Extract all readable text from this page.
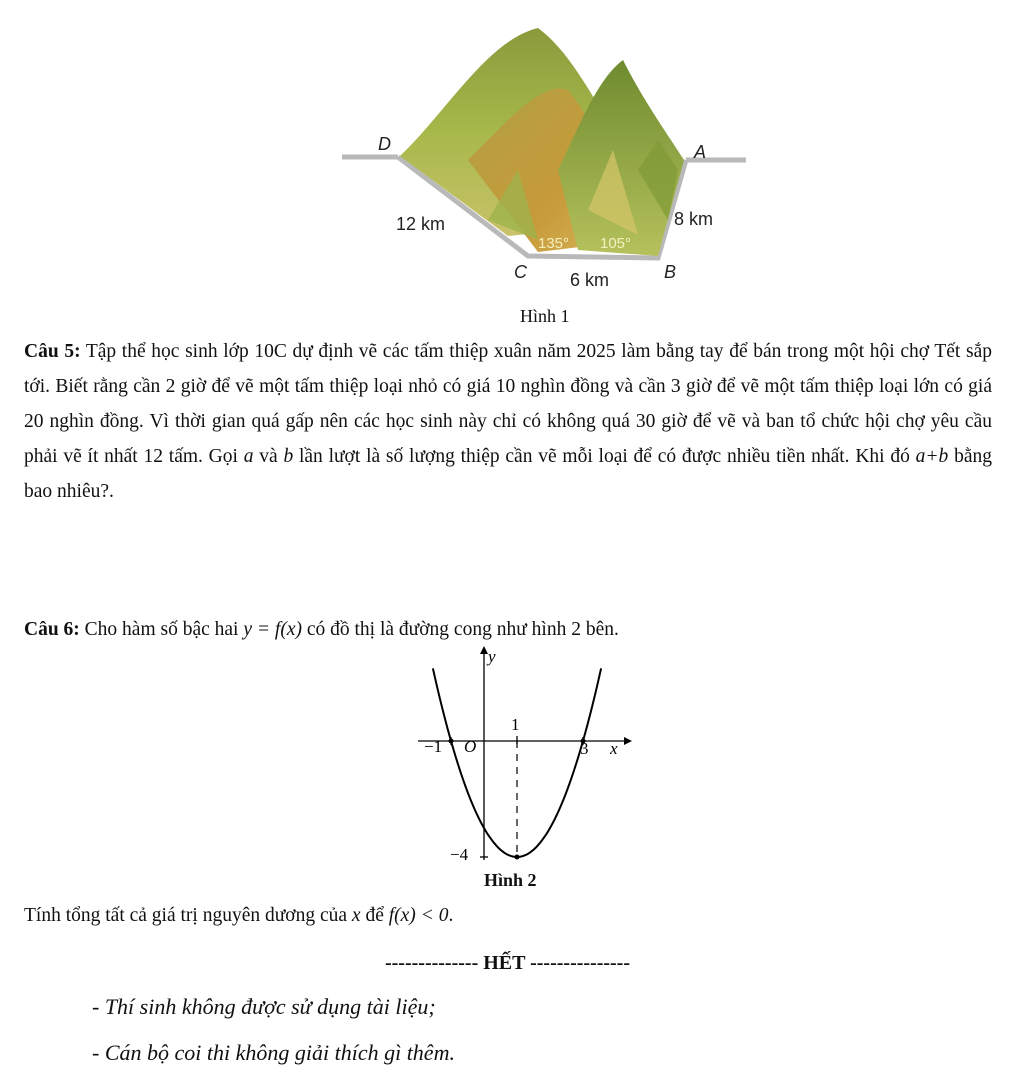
D	A
12 km	8 km
135° 105°
C 6 km	B
Hình 1
Câu 5: Tập thể học sinh lớp 10C dự định vẽ các tấm thiệp xuân năm 2025 làm bằng tay để bán trong một hội chợ Tết sắp tới. Biết rằng cần 2 giờ để vẽ một tấm thiệp loại nhỏ có giá 10 nghìn đồng và cần 3 giờ để vẽ một tấm thiệp loại lớn có giá 20 nghìn đồng. Vì thời gian quá gấp nên các học sinh này chỉ có không quá 30 giờ để vẽ và ban tổ chức hội chợ yêu cầu phải vẽ ít nhất 12 tấm. Gọi a và b lần lượt là số lượng thiệp cần vẽ mỗi loại để có được nhiều tiền nhất. Khi đó a+b bằng bao nhiêu?.
Câu 6: Cho hàm số bậc hai y = f(x) có đồ thị là đường cong như hình 2 bên.
y
x
O
−1
1
3
−4
Hình 2
Tính tổng tất cả giá trị nguyên dương của x để f(x) < 0.
-------------- HẾT ---------------
- Thí sinh không được sử dụng tài liệu;
- Cán bộ coi thi không giải thích gì thêm.
